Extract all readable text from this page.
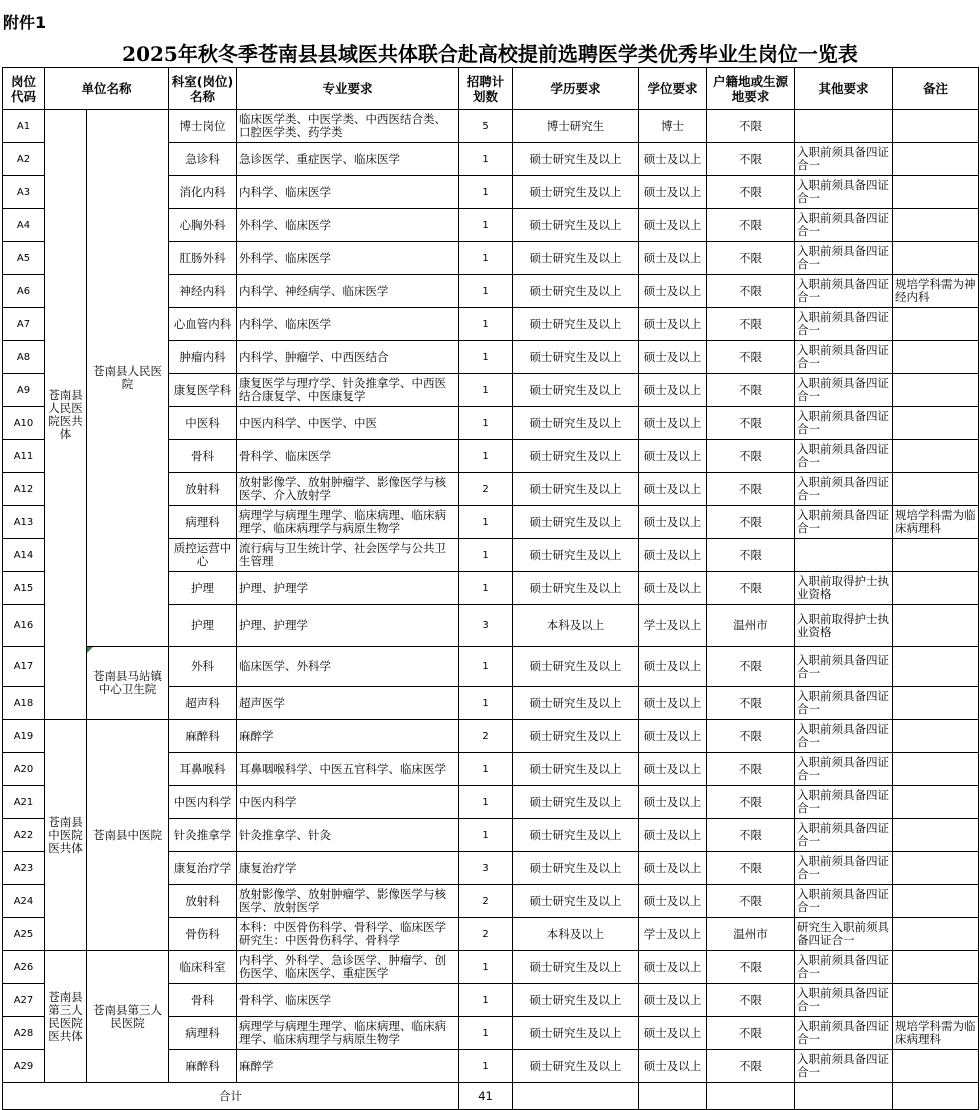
附件1
2025年秋冬季苍南县县域医共体联合赴高校提前选聘医学类优秀毕业生岗位一览表
岗位代码	单位名称		科室(岗位)名称	专业要求	招聘计划数	学历要求	学位要求	户籍地或生源地要求	其他要求	备注
A1	苍南县人民医院医共体	苍南县人民医院	博士岗位	临床医学类、中医学类、中西医结合类、口腔医学类、药学类	5	博士研究生	博士	不限		
A2			急诊科	急诊医学、重症医学、临床医学	1	硕士研究生及以上	硕士及以上	不限	入职前须具备四证合一	
A3			消化内科	内科学、临床医学	1	硕士研究生及以上	硕士及以上	不限	入职前须具备四证合一	
A4			心胸外科	外科学、临床医学	1	硕士研究生及以上	硕士及以上	不限	入职前须具备四证合一	
A5			肛肠外科	外科学、临床医学	1	硕士研究生及以上	硕士及以上	不限	入职前须具备四证合一	
A6			神经内科	内科学、神经病学、临床医学	1	硕士研究生及以上	硕士及以上	不限	入职前须具备四证合一	规培学科需为神经内科
A7			心血管内科	内科学、临床医学	1	硕士研究生及以上	硕士及以上	不限	入职前须具备四证合一	
A8			肿瘤内科	内科学、肿瘤学、中西医结合	1	硕士研究生及以上	硕士及以上	不限	入职前须具备四证合一	
A9			康复医学科	康复医学与理疗学、针灸推拿学、中西医结合康复学、中医康复学	1	硕士研究生及以上	硕士及以上	不限	入职前须具备四证合一	
A10			中医科	中医内科学、中医学、中医	1	硕士研究生及以上	硕士及以上	不限	入职前须具备四证合一	
A11			骨科	骨科学、临床医学	1	硕士研究生及以上	硕士及以上	不限	入职前须具备四证合一	
A12			放射科	放射影像学、放射肿瘤学、影像医学与核医学、介入放射学	2	硕士研究生及以上	硕士及以上	不限	入职前须具备四证合一	
A13			病理科	病理学与病理生理学、临床病理、临床病理学、临床病理学与病原生物学	1	硕士研究生及以上	硕士及以上	不限	入职前须具备四证合一	规培学科需为临床病理科
A14			质控运营中心	流行病与卫生统计学、社会医学与公共卫生管理	1	硕士研究生及以上	硕士及以上	不限		
A15			护理	护理、护理学	1	硕士研究生及以上	硕士及以上	不限	入职前取得护士执业资格	
A16			护理	护理、护理学	3	本科及以上	学士及以上	温州市	入职前取得护士执业资格	
A17		苍南县马站镇中心卫生院	外科	临床医学、外科学	1	硕士研究生及以上	硕士及以上	不限	入职前须具备四证合一	
A18			超声科	超声医学	1	硕士研究生及以上	硕士及以上	不限	入职前须具备四证合一	
A19	苍南县中医院医共体	苍南县中医院	麻醉科	麻醉学	2	硕士研究生及以上	硕士及以上	不限	入职前须具备四证合一	
A20			耳鼻喉科	耳鼻咽喉科学、中医五官科学、临床医学	1	硕士研究生及以上	硕士及以上	不限	入职前须具备四证合一	
A21			中医内科学	中医内科学	1	硕士研究生及以上	硕士及以上	不限	入职前须具备四证合一	
A22			针灸推拿学	针灸推拿学、针灸	1	硕士研究生及以上	硕士及以上	不限	入职前须具备四证合一	
A23			康复治疗学	康复治疗学	3	硕士研究生及以上	硕士及以上	不限	入职前须具备四证合一	
A24			放射科	放射影像学、放射肿瘤学、影像医学与核医学、放射医学	2	硕士研究生及以上	硕士及以上	不限	入职前须具备四证合一	
A25			骨伤科	本科：中医骨伤科学、骨科学、临床医学
研究生：中医骨伤科学、骨科学	2	本科及以上	学士及以上	温州市	研究生入职前须具备四证合一	
A26	苍南县第三人民医院医共体	苍南县第三人民医院	临床科室	内科学、外科学、急诊医学、肿瘤学、创伤医学、临床医学、重症医学	1	硕士研究生及以上	硕士及以上	不限	入职前须具备四证合一	
A27			骨科	骨科学、临床医学	1	硕士研究生及以上	硕士及以上	不限	入职前须具备四证合一	
A28			病理科	病理学与病理生理学、临床病理、临床病理学、临床病理学与病原生物学	1	硕士研究生及以上	硕士及以上	不限	入职前须具备四证合一	规培学科需为临床病理科
A29			麻醉科	麻醉学	1	硕士研究生及以上	硕士及以上	不限	入职前须具备四证合一	
合计					41					
